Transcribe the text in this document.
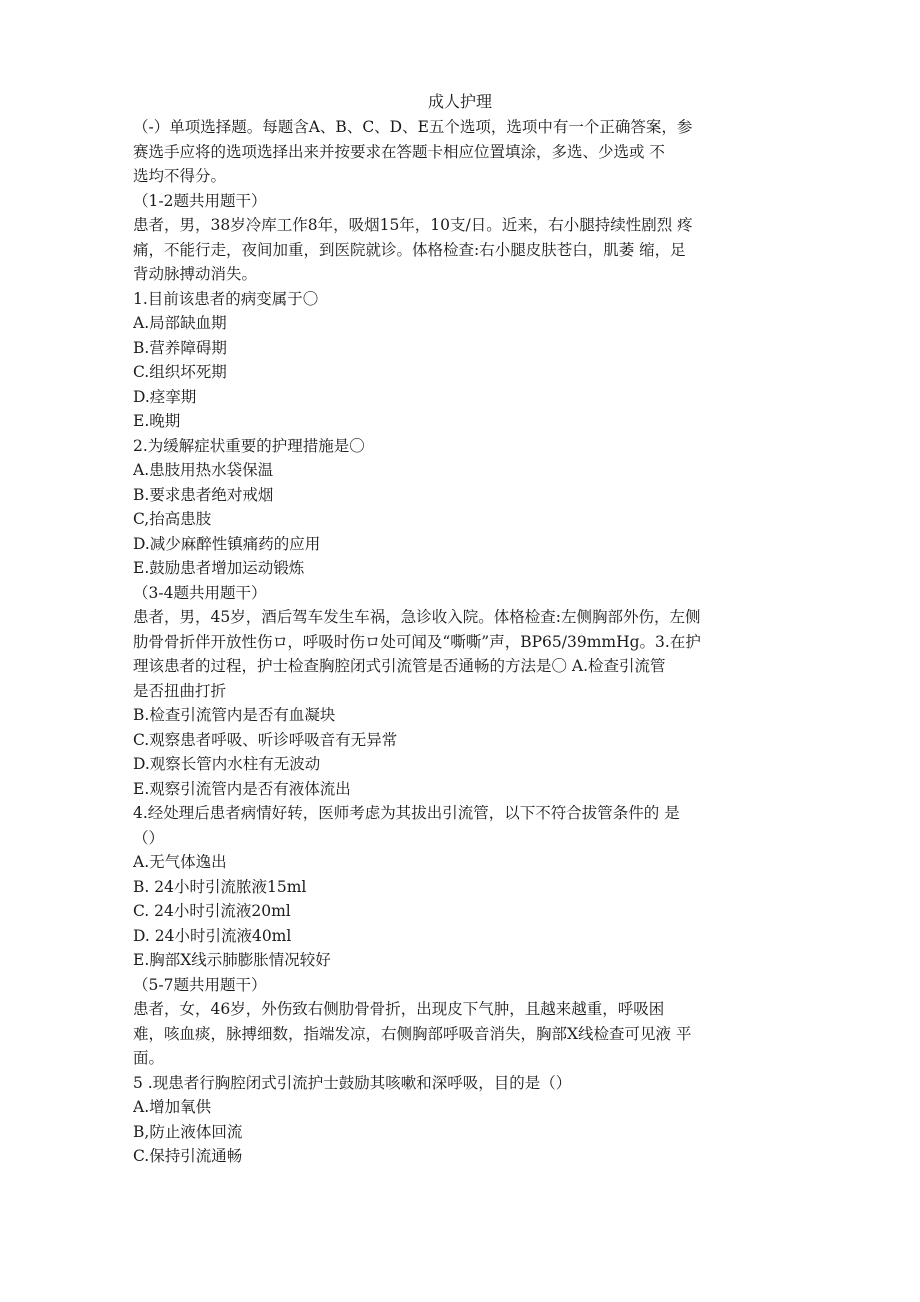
成人护理
（-）单项选择题。每题含A、B、C、D、E五个选项，选项中有一个正确答案，参
赛选手应将的选项选择出来并按要求在答题卡相应位置填涂，多选、少选或 不
选均不得分。
（1-2题共用题干）
患者，男，38岁冷库工作8年，吸烟15年，10支/日。近来，右小腿持续性剧烈 疼
痛，不能行走，夜间加重，到医院就诊。体格检查:右小腿皮肤苍白，肌萎 缩，足
背动脉搏动消失。
1.目前该患者的病变属于〇
A.局部缺血期
B.营养障碍期
C.组织坏死期
D.痉挛期
E.晚期
2.为缓解症状重要的护理措施是〇
A.患肢用热水袋保温
B.要求患者绝对戒烟
C,抬高患肢
D.减少麻醉性镇痛药的应用
E.鼓励患者增加运动锻炼
（3-4题共用题干）
患者，男，45岁，酒后驾车发生车祸，急诊收入院。体格检查:左侧胸部外伤，左侧
肋骨骨折伴开放性伤ロ，呼吸时伤ロ处可闻及“嘶嘶”声，BP65/39mmHg。3.在护
理该患者的过程，护士检查胸腔闭式引流管是否通畅的方法是〇 A.检查引流管
是否扭曲打折
B.检查引流管内是否有血凝块
C.观察患者呼吸、听诊呼吸音有无异常
D.观察长管内水柱有无波动
E.观察引流管内是否有液体流出
4.经处理后患者病情好转，医师考虑为其拔出引流管，以下不符合拔管条件的 是
（）
A.无气体逸出
B. 24小时引流脓液15ml
C. 24小时引流液20ml
D. 24小时引流液40ml
E.胸部X线示肺膨胀情况较好
（5-7题共用题干）
患者，女，46岁，外伤致右侧肋骨骨折，出现皮下气肿，且越来越重，呼吸困
难，咳血痰，脉搏细数，指端发凉，右侧胸部呼吸音消失，胸部X线检查可见液 平
面。
5 .现患者行胸腔闭式引流护士鼓励其咳嗽和深呼吸，目的是（）
A.增加氧供
B,防止液体回流
C.保持引流通畅
